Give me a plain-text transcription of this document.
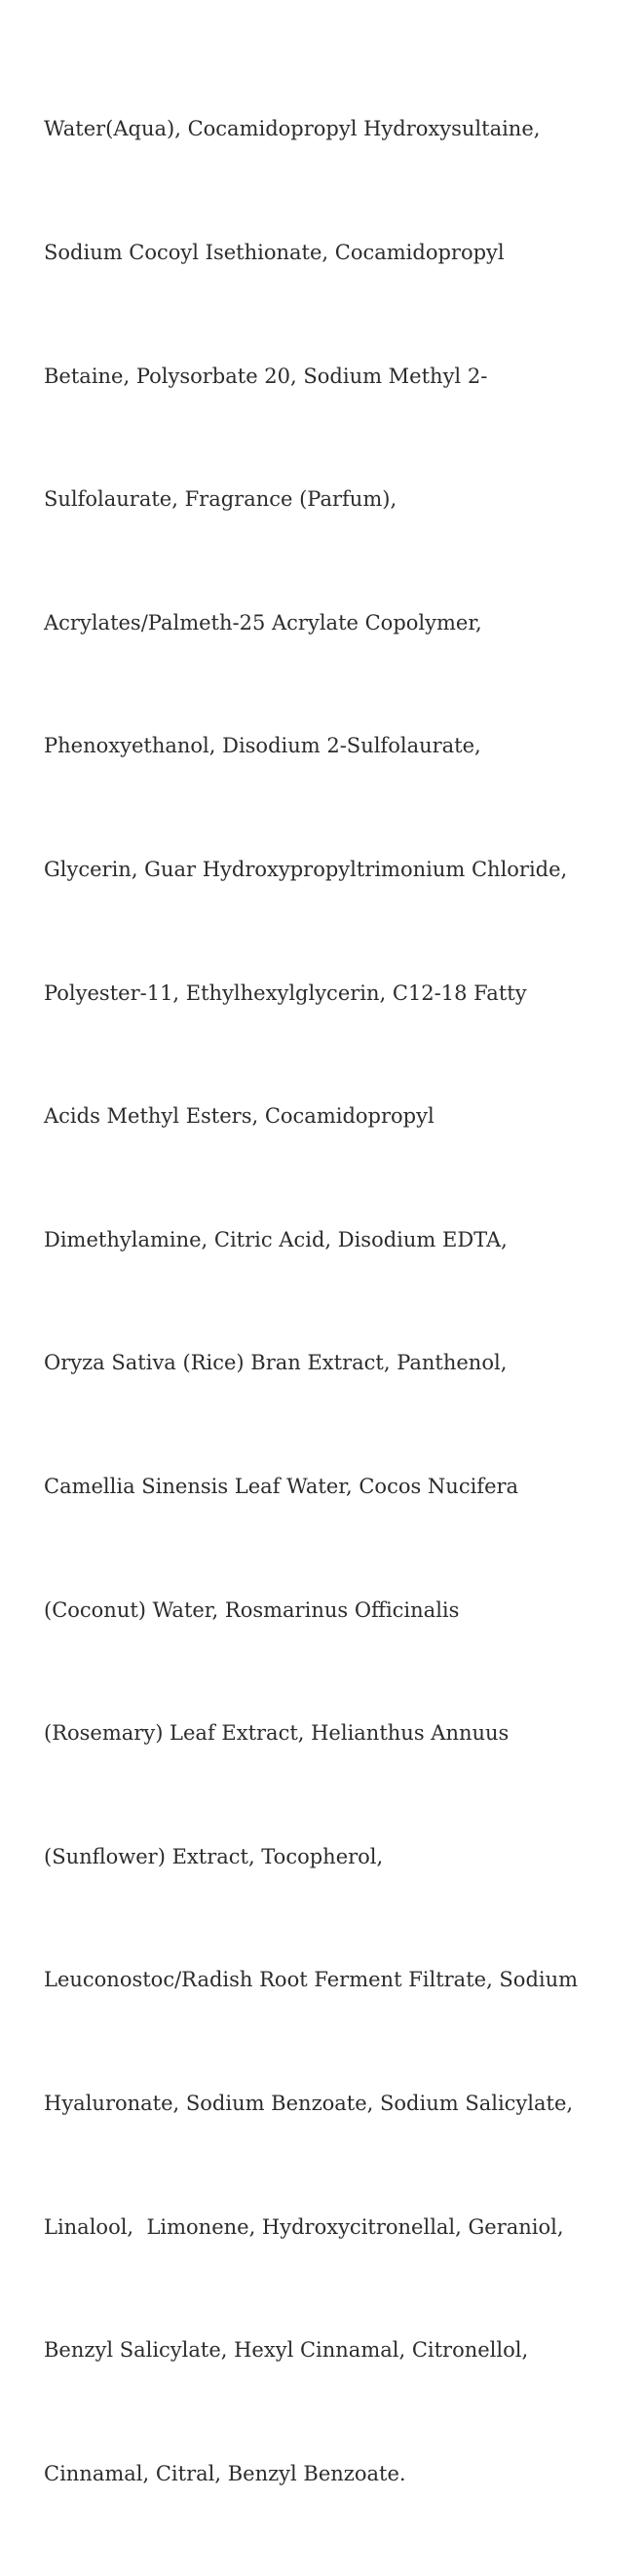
Water(Aqua), Cocamidopropyl Hydroxysultaine,

Sodium Cocoyl Isethionate, Cocamidopropyl

Betaine, Polysorbate 20, Sodium Methyl 2-

Sulfolaurate, Fragrance (Parfum),

Acrylates/Palmeth-25 Acrylate Copolymer,

Phenoxyethanol, Disodium 2-Sulfolaurate,

Glycerin, Guar Hydroxypropyltrimonium Chloride,

Polyester-11, Ethylhexylglycerin, C12-18 Fatty

Acids Methyl Esters, Cocamidopropyl

Dimethylamine, Citric Acid, Disodium EDTA,

Oryza Sativa (Rice) Bran Extract, Panthenol,

Camellia Sinensis Leaf Water, Cocos Nucifera

(Coconut) Water, Rosmarinus Officinalis

(Rosemary) Leaf Extract, Helianthus Annuus

(Sunflower) Extract, Tocopherol,

Leuconostoc/Radish Root Ferment Filtrate, Sodium

Hyaluronate, Sodium Benzoate, Sodium Salicylate,

Linalool,  Limonene, Hydroxycitronellal, Geraniol,

Benzyl Salicylate, Hexyl Cinnamal, Citronellol,

Cinnamal, Citral, Benzyl Benzoate.
